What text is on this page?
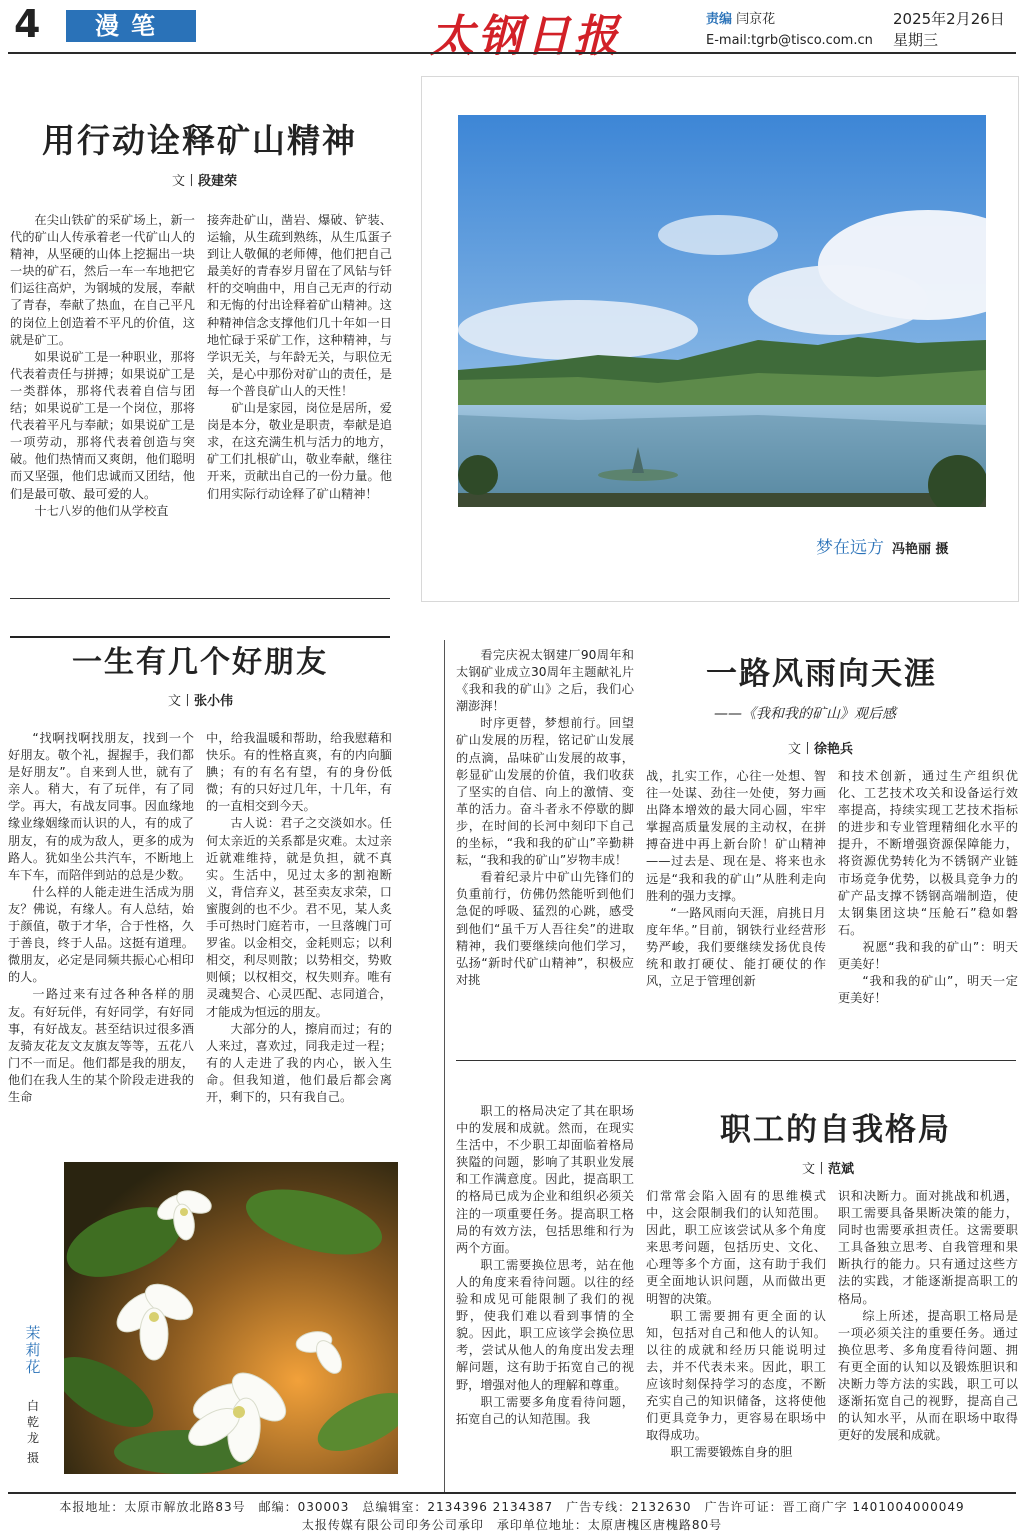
4	漫笔	太钢日报	责编 闫京花
E-mail:tgrb@tisco.com.cn
2025年2月26日
星期三
用行动诠释矿山精神
文丨段建荣

在尖山铁矿的采矿场上，新一代的矿山人传承着老一代矿山人的精神，从坚硬的山体上挖掘出一块一块的矿石，然后一车一车地把它们运往高炉，为钢城的发展，奉献了青春，奉献了热血，在自己平凡的岗位上创造着不平凡的价值，这就是矿工。

如果说矿工是一种职业，那将代表着责任与拼搏；如果说矿工是一类群体，那将代表着自信与团结；如果说矿工是一个岗位，那将代表着平凡与奉献；如果说矿工是一项劳动，那将代表着创造与突破。他们热情而又爽朗，他们聪明而又坚强，他们忠诚而又团结，他们是最可敬、最可爱的人。

十七八岁的他们从学校直

接奔赴矿山，凿岩、爆破、铲装、运输，从生疏到熟练，从生瓜蛋子到让人敬佩的老师傅，他们把自己最美好的青春岁月留在了风钻与钎杆的交响曲中，用自己无声的行动和无悔的付出诠释着矿山精神。这种精神信念支撑他们几十年如一日地忙碌于采矿工作，这种精神，与学识无关，与年龄无关，与职位无关，是心中那份对矿山的责任，是每一个普良矿山人的天性！

矿山是家园，岗位是居所，爱岗是本分，敬业是职责，奉献是追求，在这充满生机与活力的地方，矿工们扎根矿山，敬业奉献，继往开来，贡献出自己的一份力量。他们用实际行动诠释了矿山精神！

梦在远方 冯艳丽 摄
一生有几个好朋友
文丨张小伟

“找啊找啊找朋友，找到一个好朋友。敬个礼，握握手，我们都是好朋友”。自来到人世，就有了亲人。稍大，有了玩伴，有了同学。再大，有战友同事。因血缘地缘业缘姻缘而认识的人，有的成了朋友，有的成为敌人，更多的成为路人。犹如坐公共汽车，不断地上车下车，而陪伴到站的总是少数。

什么样的人能走进生活成为朋友？佛说，有缘人。有人总结，始于颜值，敬于才华，合于性格，久于善良，终于人品。这挺有道理。微朋友，必定是同频共振心心相印的人。

一路过来有过各种各样的朋友。有好玩伴，有好同学，有好同事，有好战友。甚至结识过很多酒友骑友花友文友旗友等等，五花八门不一而足。他们都是我的朋友，他们在我人生的某个阶段走进我的生命

中，给我温暖和帮助，给我慰藉和快乐。有的性格直爽，有的内向腼腆；有的有名有望，有的身份低微；有的只好过几年，十几年，有的一直相交到今天。

古人说：君子之交淡如水。任何太亲近的关系都是灾难。太过亲近就难维持，就是负担，就不真实。生活中，见过太多的割袍断义，背信弃义，甚至卖友求荣，口蜜腹剑的也不少。君不见，某人炙手可热时门庭若市，一旦落魄门可罗雀。以金相交，金耗则忘；以利相交，利尽则散；以势相交，势败则倾；以权相交，权失则弃。唯有灵魂契合、心灵匹配、志同道合，才能成为恒远的朋友。

大部分的人，擦肩而过；有的人来过，喜欢过，同我走过一程；有的人走进了我的内心，嵌入生命。但我知道，他们最后都会离开，剩下的，只有我自己。

茉莉花
白乾龙
摄

看完庆祝太钢建厂90周年和太钢矿业成立30周年主题献礼片《我和我的矿山》之后，我们心潮澎湃！

时序更替，梦想前行。回望矿山发展的历程，铭记矿山发展的点滴，品味矿山发展的故事，彰显矿山发展的价值，我们收获了坚实的自信、向上的激情、变革的活力。奋斗者永不停歇的脚步，在时间的长河中刻印下自己的坐标，“我和我的矿山”辛勤耕耘，“我和我的矿山”岁物丰成！

看着纪录片中矿山先锋们的负重前行，仿佛仍然能听到他们急促的呼吸、猛烈的心跳，感受到他们“虽千万人吾往矣”的进取精神，我们要继续向他们学习，弘扬“新时代矿山精神”，积极应对挑

一路风雨向天涯
——《我和我的矿山》观后感
文丨徐艳兵

战，扎实工作，心往一处想、智往一处谋、劲往一处使，努力画出降本增效的最大同心圆，牢牢掌握高质量发展的主动权，在拼搏奋进中再上新台阶！矿山精神——过去是、现在是、将来也永远是“我和我的矿山”从胜利走向胜利的强力支撑。

“一路风雨向天涯，肩挑日月度年华。”目前，钢铁行业经营形势严峻，我们要继续发扬优良传统和敢打硬仗、能打硬仗的作风，立足于管理创新

和技术创新，通过生产组织优化、工艺技术攻关和设备运行效率提高，持续实现工艺技术指标的进步和专业管理精细化水平的提升，不断增强资源保障能力，将资源优势转化为不锈钢产业链市场竞争优势，以极具竞争力的矿产品支撑不锈钢高端制造，使太钢集团这块“压舱石”稳如磐石。

祝愿“我和我的矿山”：明天更美好！

“我和我的矿山”，明天一定更美好！

职工的格局决定了其在职场中的发展和成就。然而，在现实生活中，不少职工却面临着格局狭隘的问题，影响了其职业发展和工作满意度。因此，提高职工的格局已成为企业和组织必须关注的一项重要任务。提高职工格局的有效方法，包括思维和行为两个方面。

职工需要换位思考，站在他人的角度来看待问题。以往的经验和成见可能限制了我们的视野，使我们难以看到事情的全貌。因此，职工应该学会换位思考，尝试从他人的角度出发去理解问题，这有助于拓宽自己的视野，增强对他人的理解和尊重。

职工需要多角度看待问题，拓宽自己的认知范围。我

职工的自我格局
文丨范斌

们常常会陷入固有的思维模式中，这会限制我们的认知范围。因此，职工应该尝试从多个角度来思考问题，包括历史、文化、心理等多个方面，这有助于我们更全面地认识问题，从而做出更明智的决策。

职工需要拥有更全面的认知，包括对自己和他人的认知。以往的成就和经历只能说明过去，并不代表未来。因此，职工应该时刻保持学习的态度，不断充实自己的知识储备，这将使他们更具竞争力，更容易在职场中取得成功。

职工需要锻炼自身的胆

识和决断力。面对挑战和机遇，职工需要具备果断决策的能力，同时也需要承担责任。这需要职工具备独立思考、自我管理和果断执行的能力。只有通过这些方法的实践，才能逐渐提高职工的格局。

综上所述，提高职工格局是一项必须关注的重要任务。通过换位思考、多角度看待问题、拥有更全面的认知以及锻炼胆识和决断力等方法的实践，职工可以逐渐拓宽自己的视野，提高自己的认知水平，从而在职场中取得更好的发展和成就。

本报地址：太原市解放北路83号　邮编：030003　总编辑室：2134396 2134387　广告专线：2132630　广告许可证：晋工商广字 1401004000049
太报传媒有限公司印务公司承印　承印单位地址：太原唐槐区唐槐路80号
